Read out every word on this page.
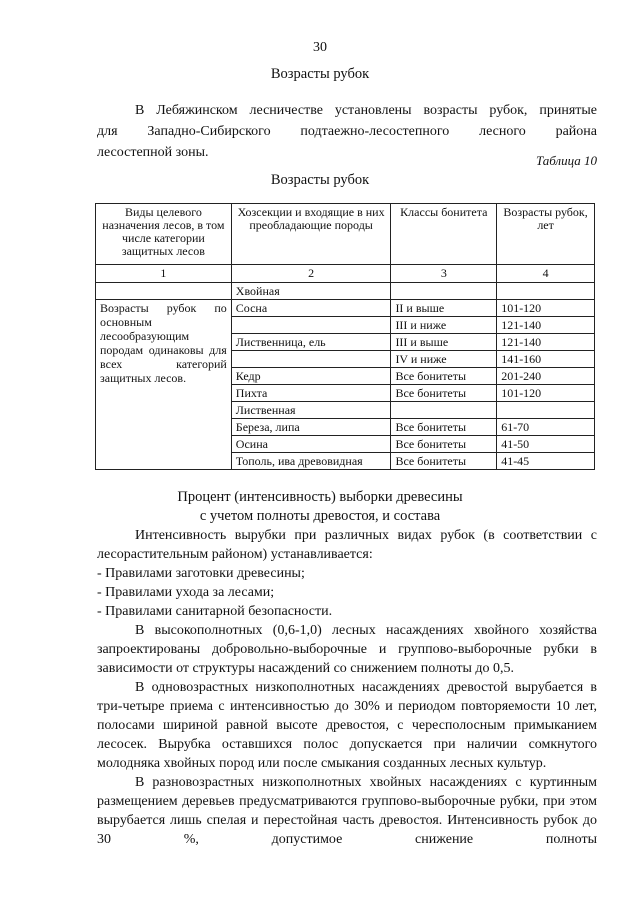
30
Возрасты рубок

В Лебяжинском лесничестве установлены возрасты рубок, принятые

для Западно-Сибирского подтаежно-лесостепного лесного района

лесостепной зоны.

Таблица 10
Возрасты рубок
Виды целевого назначения лесов, в том числе категории защитных лесов	Хозсекции и входящие в них преобладающие породы	Классы бонитета	Возрасты рубок, лет
1	2	3	4
	Хвойная		
Возрасты рубок по основным лесообразующим породам одинаковы для всех категорий защитных лесов.	Сосна	II и выше	101-120
		III и ниже	121-140
	Лиственница, ель	III и выше	121-140
		IV и ниже	141-160
	Кедр	Все бонитеты	201-240
	Пихта	Все бонитеты	101-120
	Лиственная		
	Береза, липа	Все бонитеты	61-70
	Осина	Все бонитеты	41-50
	Тополь, ива древовидная	Все бонитеты	41-45
Процент (интенсивность) выборки древесины
с учетом полноты древостоя, и состава

Интенсивность вырубки при различных видах рубок (в соответствии с лесорастительным районом) устанавливается:

- Правилами заготовки древесины;

- Правилами ухода за лесами;

- Правилами санитарной безопасности.

В высокополнотных (0,6-1,0) лесных насаждениях хвойного хозяйства запроектированы добровольно-выборочные и группово-выборочные рубки в зависимости от структуры насаждений со снижением полноты до 0,5.

В одновозрастных низкополнотных насаждениях древостой вырубается в три-четыре приема с интенсивностью до 30% и периодом повторяемости 10 лет, полосами шириной равной высоте древостоя, с чересполосным примыканием лесосек. Вырубка оставшихся полос допускается при наличии сомкнутого молодняка хвойных пород или после смыкания созданных лесных культур.

В разновозрастных низкополнотных хвойных насаждениях с куртинным размещением деревьев предусматриваются группово-выборочные рубки, при этом вырубается лишь спелая и перестойная часть древостоя. Интенсивность рубок до 30 %, допустимое снижение полноты
